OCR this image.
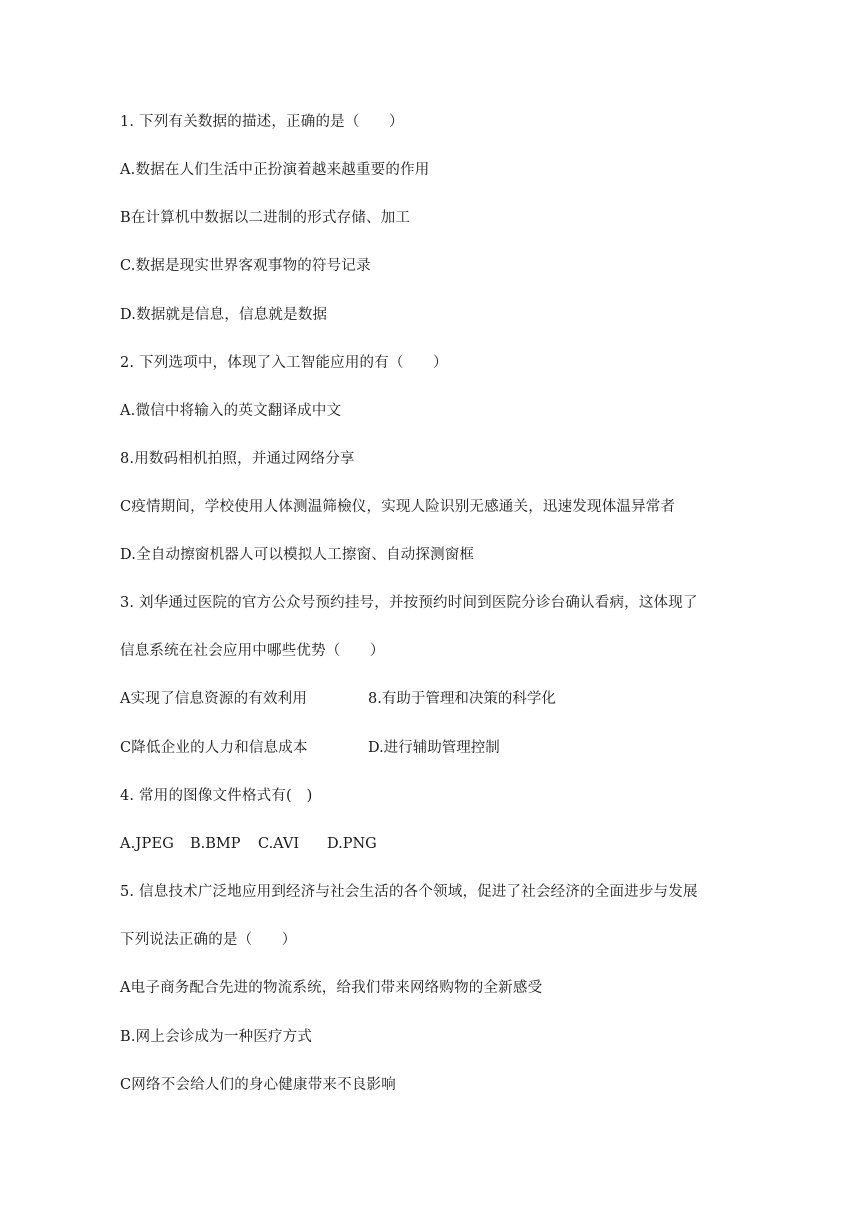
1. 下列有关数据的描述，正确的是（　　）
A.数据在人们生活中正扮演着越来越重要的作用
B在计算机中数据以二进制的形式存储、加工
C.数据是现实世界客观事物的符号记录
D.数据就是信息，信息就是数据
2. 下列选项中，体现了入工智能应用的有（　　）
A.微信中将输入的英文翻译成中文
8.用数码相机拍照，并通过网络分享
C疫情期间，学校使用人体测温筛檢仪，实现人险识别无感通关，迅速发现体温异常者
D.全自动擦窗机器人可以模拟人工擦窗、自动探测窗框
3. 刘华通过医院的官方公众号预约挂号，并按预约时间到医院分诊台确认看病，这体现了
信息系统在社会应用中哪些优势（　　）
A实现了信息资源的有效利用	8.有助于管理和决策的科学化
C降低企业的人力和信息成本	D.进行辅助管理控制
4. 常用的图像文件格式有(　)
A.JPEG B.BMP C.AVI D.PNG
5. 信息技术广泛地应用到经济与社会生活的各个领域，促进了社会经济的全面进步与发展
下列说法正确的是（　　）
A电子商务配合先进的物流系统，给我们带来网络购物的全新感受
B.网上会诊成为一种医疗方式
C网络不会给人们的身心健康带来不良影响
